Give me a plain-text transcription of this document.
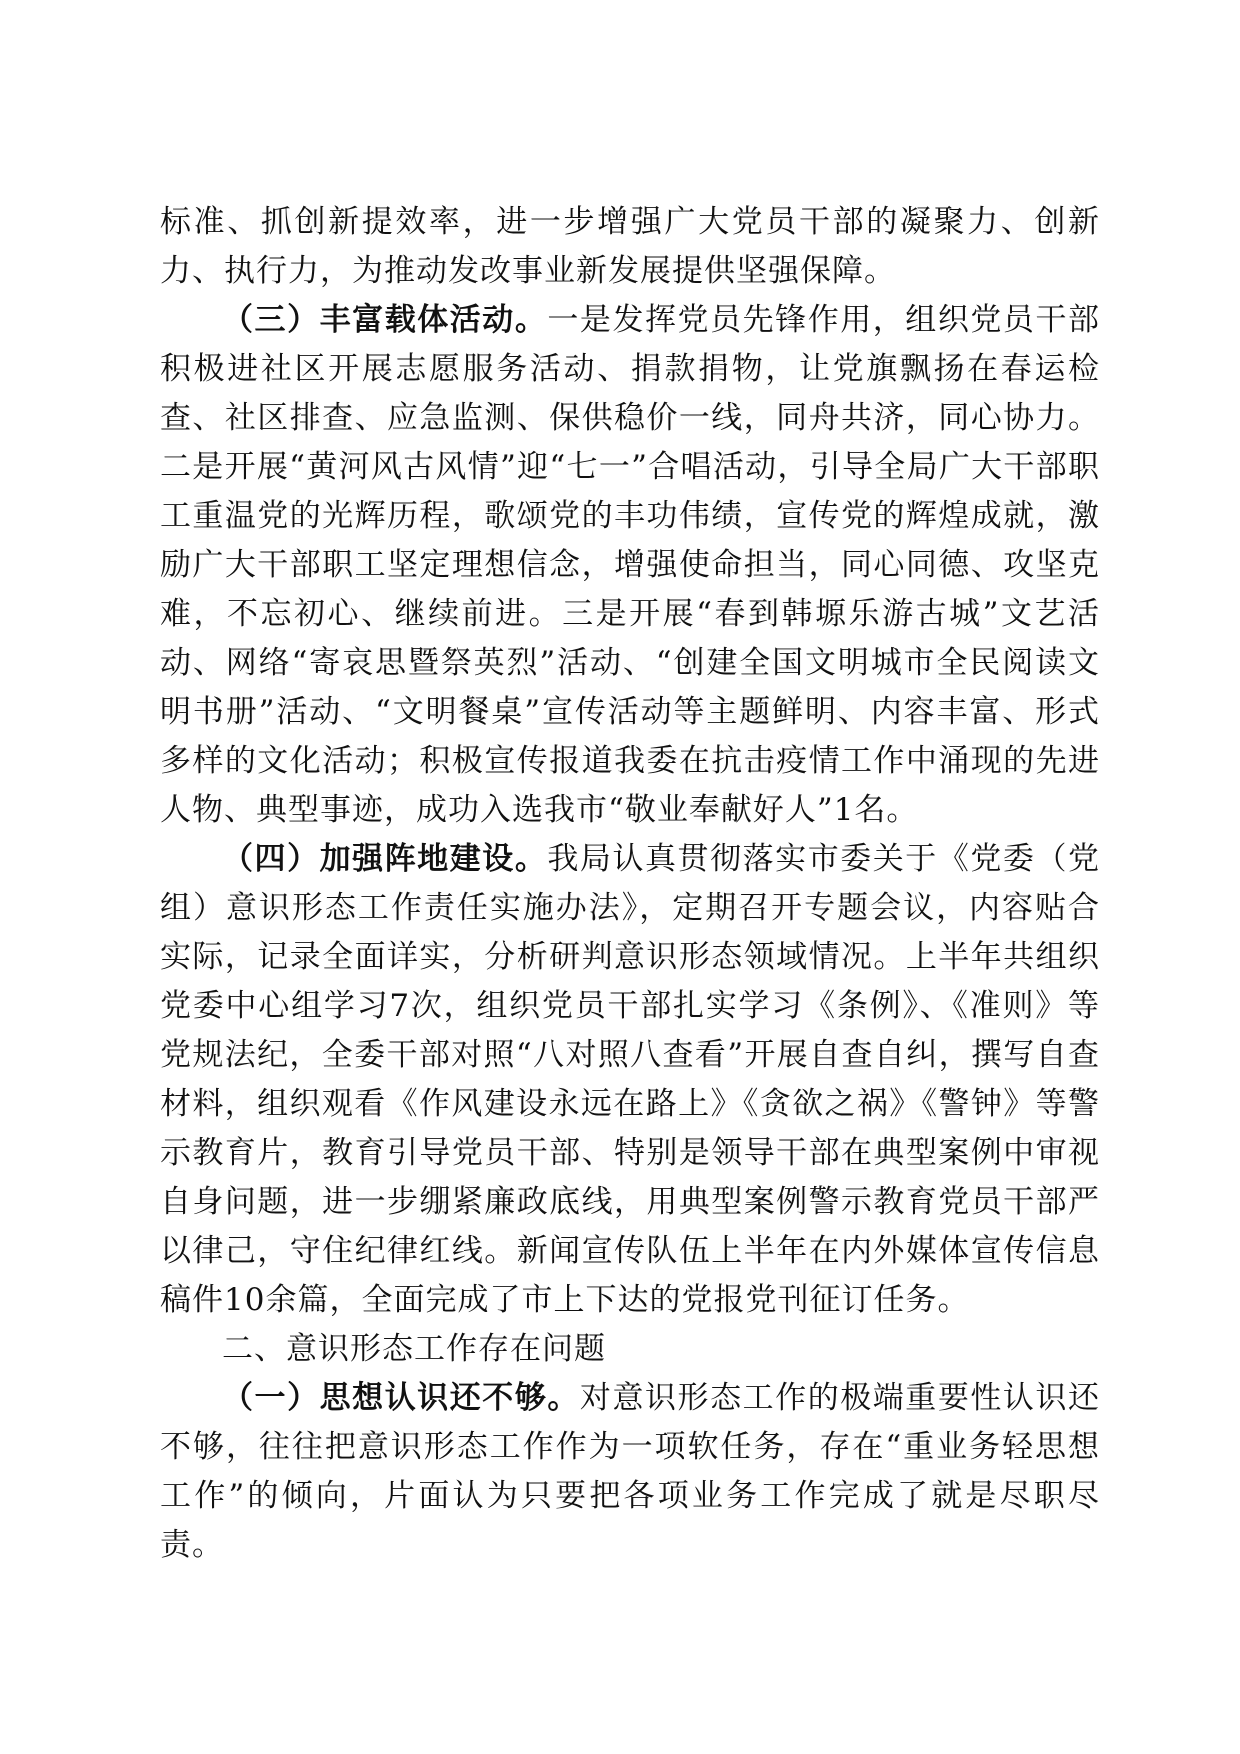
标准、抓创新提效率，进一步增强广大党员干部的凝聚力、创新力、执行力，为推动发改事业新发展提供坚强保障。

（三）丰富载体活动。一是发挥党员先锋作用，组织党员干部积极进社区开展志愿服务活动、捐款捐物，让党旗飘扬在春运检查、社区排查、应急监测、保供稳价一线，同舟共济，同心协力。二是开展“黄河风古风情”迎“七一”合唱活动，引导全局广大干部职工重温党的光辉历程，歌颂党的丰功伟绩，宣传党的辉煌成就，激励广大干部职工坚定理想信念，增强使命担当，同心同德、攻坚克难，不忘初心、继续前进。三是开展“春到韩塬乐游古城”文艺活动、网络“寄哀思暨祭英烈”活动、“创建全国文明城市全民阅读文明书册”活动、“文明餐桌”宣传活动等主题鲜明、内容丰富、形式多样的文化活动；积极宣传报道我委在抗击疫情工作中涌现的先进人物、典型事迹，成功入选我市“敬业奉献好人”1名。

（四）加强阵地建设。我局认真贯彻落实市委关于《党委（党组）意识形态工作责任实施办法》，定期召开专题会议，内容贴合实际，记录全面详实，分析研判意识形态领域情况。上半年共组织党委中心组学习7次，组织党员干部扎实学习《条例》、《准则》等党规法纪，全委干部对照“八对照八查看”开展自查自纠，撰写自查材料，组织观看《作风建设永远在路上》《贪欲之祸》《警钟》等警示教育片，教育引导党员干部、特别是领导干部在典型案例中审视自身问题，进一步绷紧廉政底线，用典型案例警示教育党员干部严以律己，守住纪律红线。新闻宣传队伍上半年在内外媒体宣传信息稿件10余篇，全面完成了市上下达的党报党刊征订任务。

二、意识形态工作存在问题

（一）思想认识还不够。对意识形态工作的极端重要性认识还不够，往往把意识形态工作作为一项软任务，存在“重业务轻思想工作”的倾向，片面认为只要把各项业务工作完成了就是尽职尽责。
